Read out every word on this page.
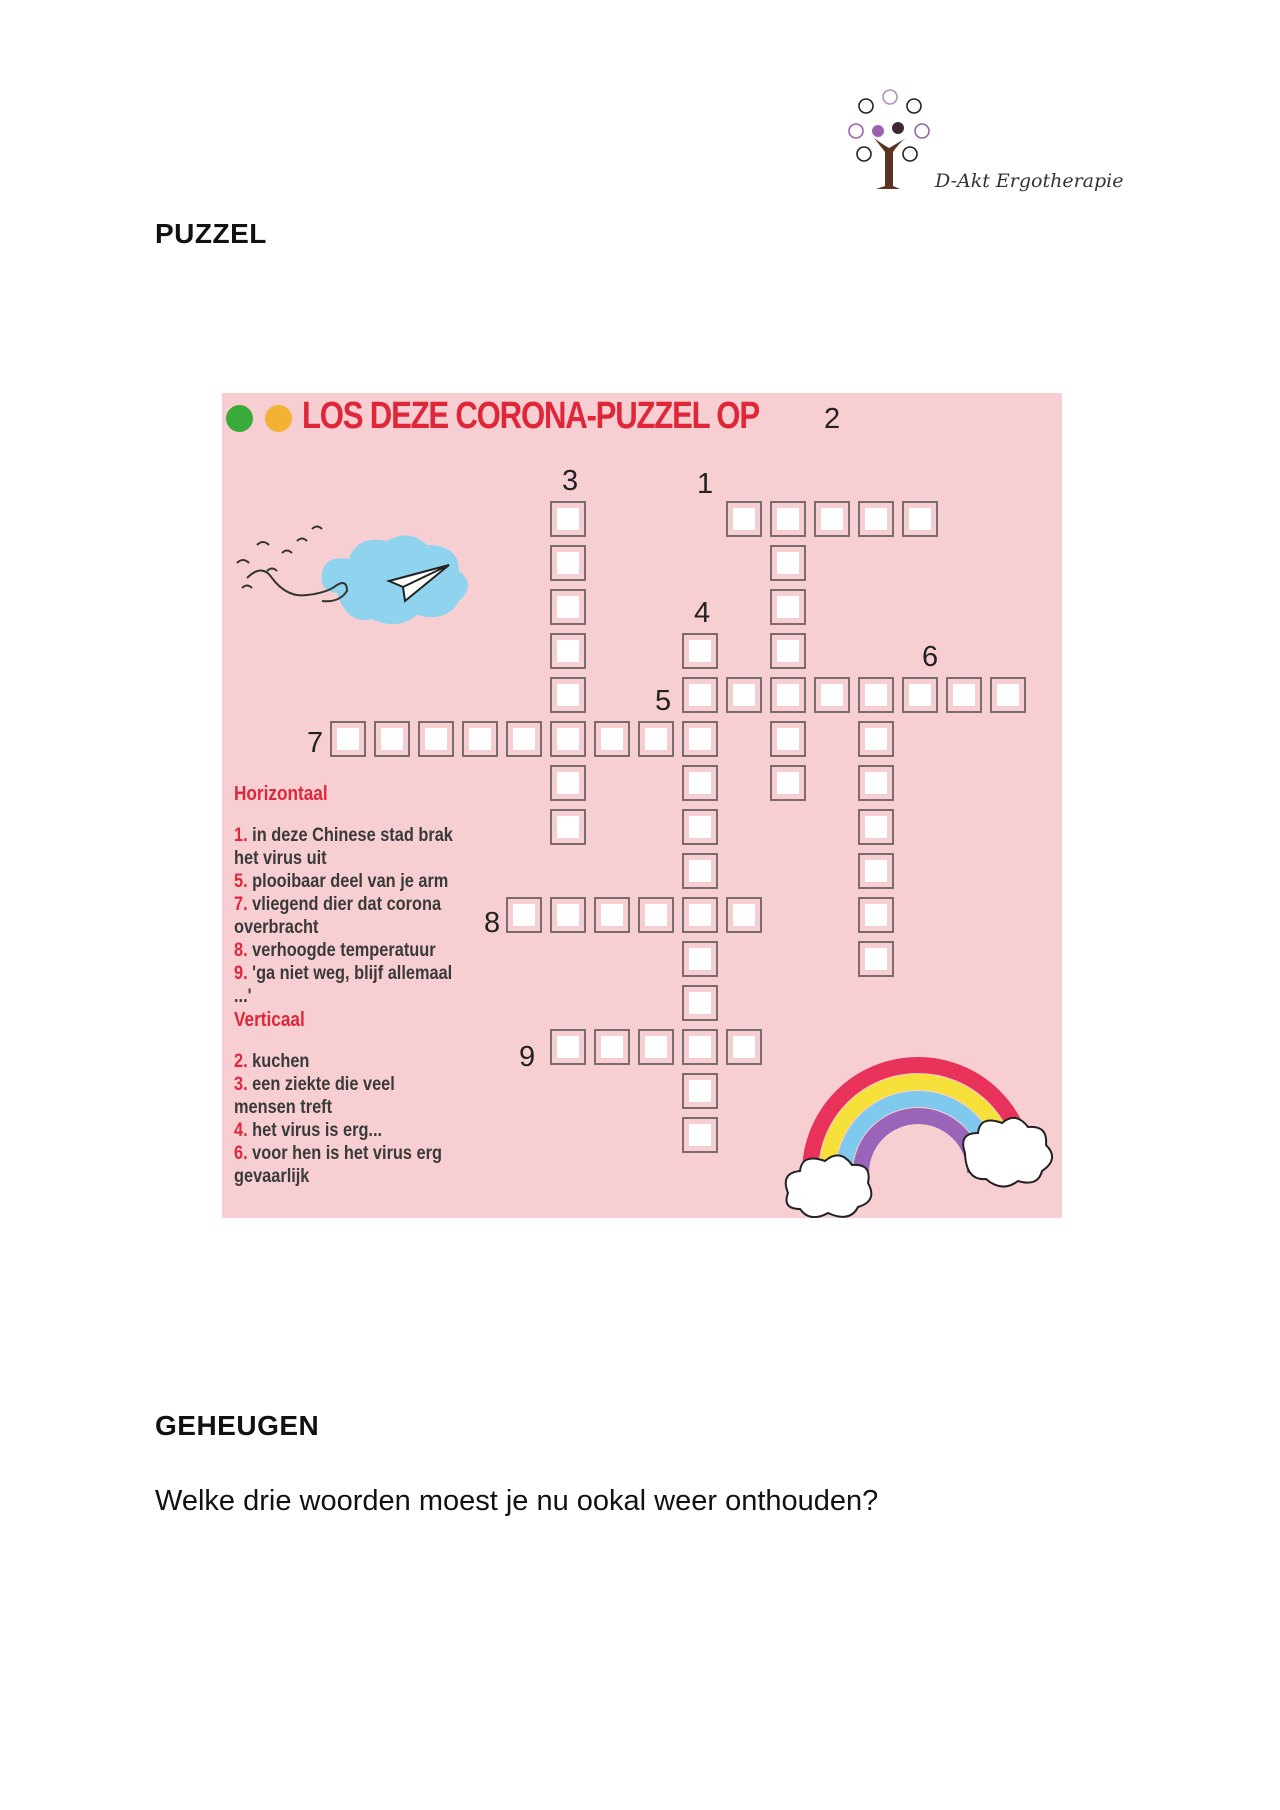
D-Akt Ergotherapie
PUZZEL
LOS DEZE CORONA-PUZZEL OP 2
3	1
4
6
5
7
8
9
Horizontaal
1. in deze Chinese stad brak het virus uit
5. plooibaar deel van je arm
7. vliegend dier dat corona overbracht
8. verhoogde temperatuur
9. 'ga niet weg, blijf allemaal ...'
Verticaal
2. kuchen
3. een ziekte die veel mensen treft
4. het virus is erg...
6. voor hen is het virus erg gevaarlijk
GEHEUGEN
Welke drie woorden moest je nu ookal weer onthouden?
